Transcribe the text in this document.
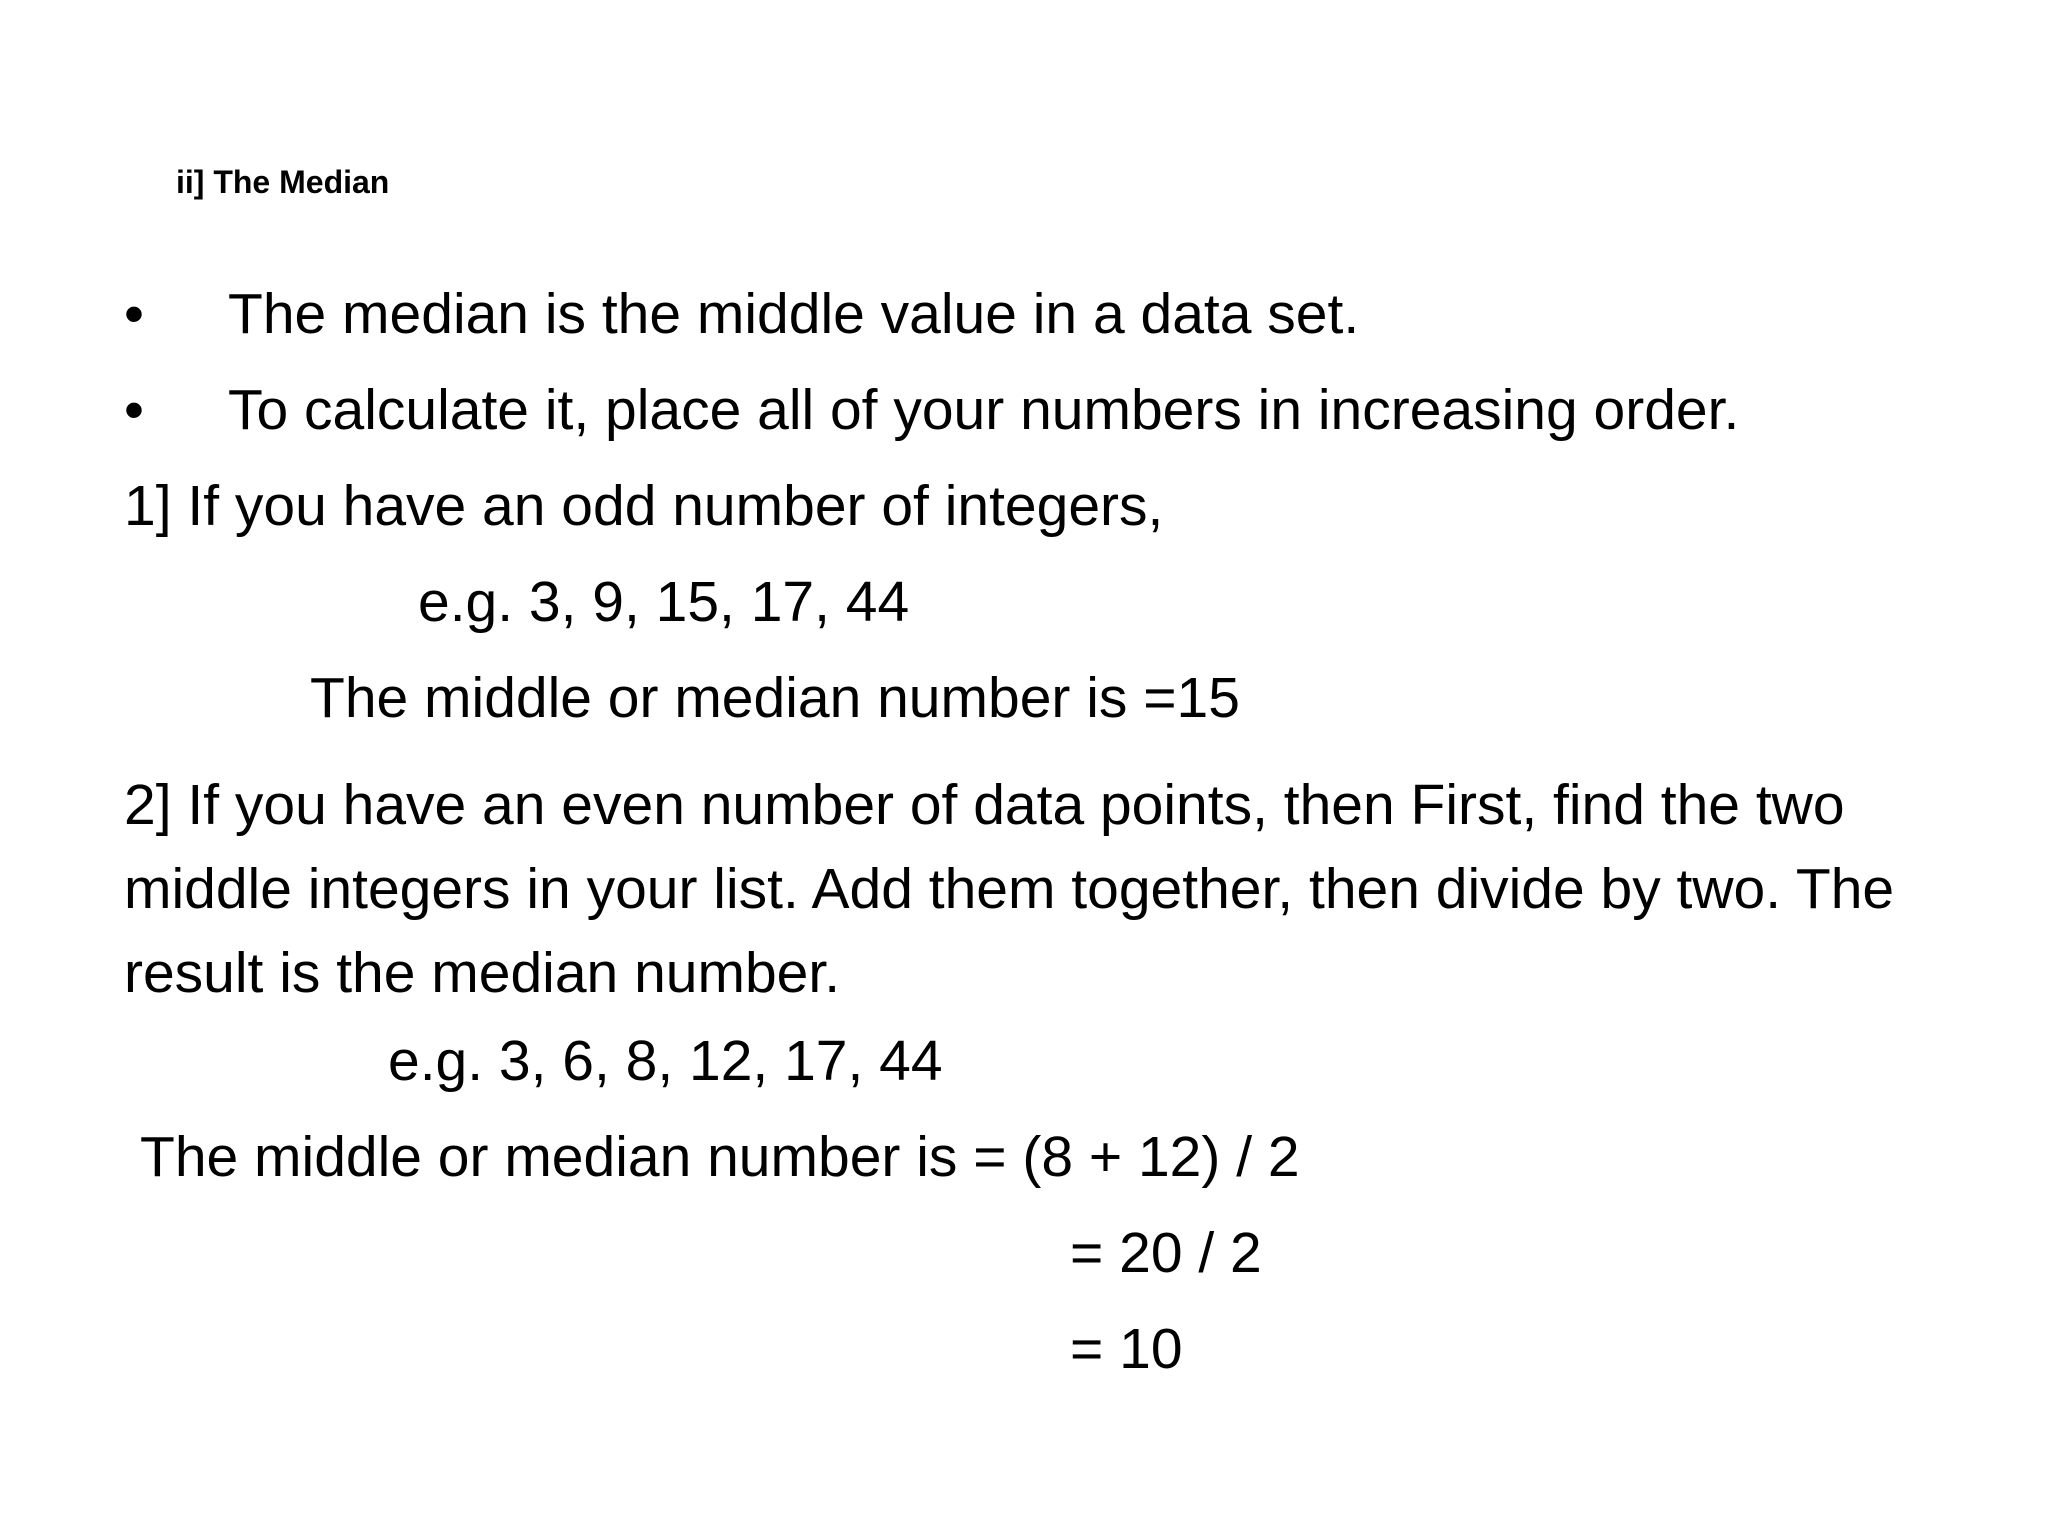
ii] The Median
• The median is the middle value in a data set.
• To calculate it, place all of your numbers in increasing order.
1] If you have an odd number of integers,
e.g. 3, 9, 15, 17, 44
The middle or median number is =15
2] If you have an even number of data points, then First, find the two middle integers in your list. Add them together, then divide by two. The result is the median number.
e.g. 3, 6, 8, 12, 17, 44
The middle or median number is = (8 + 12) / 2
= 20 / 2
= 10
